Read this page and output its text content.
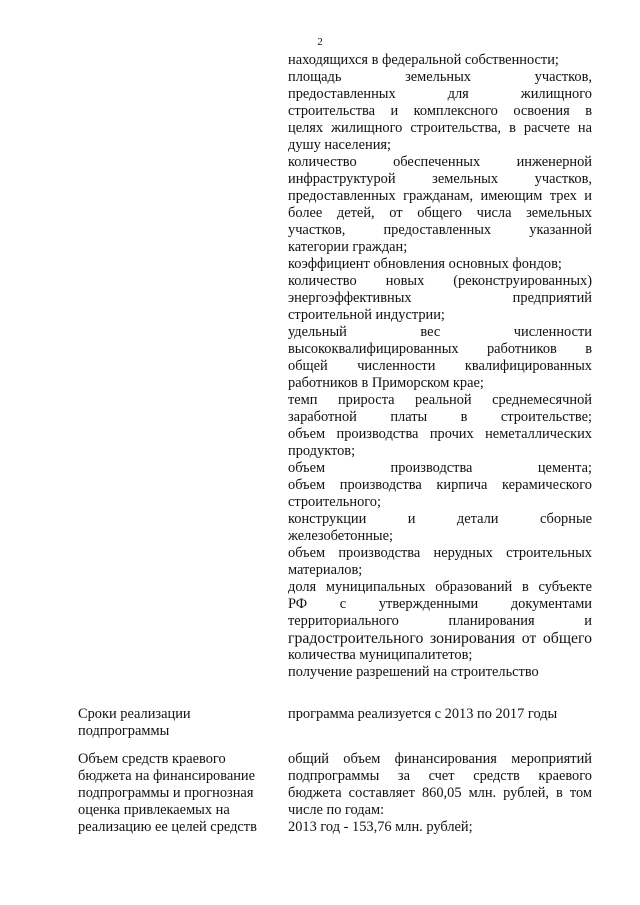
2
находящихся в федеральной собственности;
площадь земельных участков,
предоставленных для жилищного
строительства и комплексного освоения в
целях жилищного строительства, в расчете на
душу населения;
количество обеспеченных инженерной
инфраструктурой земельных участков,
предоставленных гражданам, имеющим трех и
более детей, от общего числа земельных
участков, предоставленных указанной
категории граждан;
коэффициент обновления основных фондов;
количество новых (реконструированных)
энергоэффективных предприятий
строительной индустрии;
удельный вес численности
высококвалифицированных работников в
общей численности квалифицированных
работников в Приморском крае;
темп прироста реальной среднемесячной
заработной платы в строительстве;
объем производства прочих неметаллических
продуктов;
объем производства цемента;
объем производства кирпича керамического
строительного;
конструкции и детали сборные
железобетонные;
объем производства нерудных строительных
материалов;
доля муниципальных образований в субъекте
РФ с утвержденными документами
территориального планирования и
градостроительного зонирования от общего
количества муниципалитетов;
получение разрешений на строительство
Сроки реализации
подпрограммы
программа реализуется с 2013 по 2017 годы
Объем средств краевого
бюджета на финансирование
подпрограммы и прогнозная
оценка привлекаемых на
реализацию ее целей средств
общий объем финансирования мероприятий
подпрограммы за счет средств краевого
бюджета составляет 860,05 млн. рублей, в том
числе по годам:
2013 год - 153,76 млн. рублей;
